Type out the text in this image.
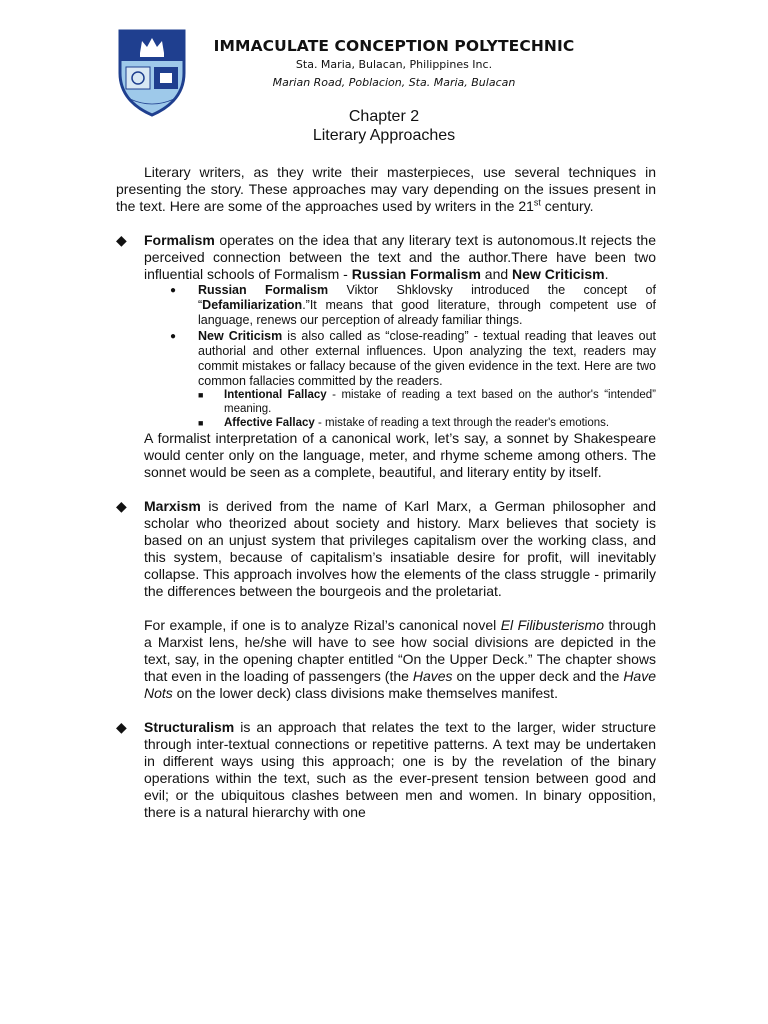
IMMACULATE CONCEPTION POLYTECHNIC
Sta. Maria, Bulacan, Philippines Inc.
Marian Road, Poblacion, Sta. Maria, Bulacan
Chapter 2
Literary Approaches

Literary writers, as they write their masterpieces, use several techniques in presenting the story. These approaches may vary depending on the issues present in the text. Here are some of the approaches used by writers in the 21st century.

◆ Formalism operates on the idea that any literary text is autonomous.It rejects the perceived connection between the text and the author.There have been two influential schools of Formalism - Russian Formalism and New Criticism.

● Russian Formalism Viktor Shklovsky introduced the concept of “Defamiliarization.”It means that good literature, through competent use of language, renews our perception of already familiar things.

● New Criticism is also called as “close-reading” - textual reading that leaves out authorial and other external influences. Upon analyzing the text, readers may commit mistakes or fallacy because of the given evidence in the text. Here are two common fallacies committed by the readers.

■ Intentional Fallacy - mistake of reading a text based on the author's “intended” meaning.

■ Affective Fallacy - mistake of reading a text through the reader's emotions.

A formalist interpretation of a canonical work, let’s say, a sonnet by Shakespeare would center only on the language, meter, and rhyme scheme among others. The sonnet would be seen as a complete, beautiful, and literary entity by itself.

◆ Marxism is derived from the name of Karl Marx, a German philosopher and scholar who theorized about society and history. Marx believes that society is based on an unjust system that privileges capitalism over the working class, and this system, because of capitalism’s insatiable desire for profit, will inevitably collapse. This approach involves how the elements of the class struggle - primarily the differences between the bourgeois and the proletariat.

For example, if one is to analyze Rizal’s canonical novel El Filibusterismo through a Marxist lens, he/she will have to see how social divisions are depicted in the text, say, in the opening chapter entitled “On the Upper Deck.” The chapter shows that even in the loading of passengers (the Haves on the upper deck and the Have Nots on the lower deck) class divisions make themselves manifest.

◆ Structuralism is an approach that relates the text to the larger, wider structure through inter-textual connections or repetitive patterns. A text may be undertaken in different ways using this approach; one is by the revelation of the binary operations within the text, such as the ever-present tension between good and evil; or the ubiquitous clashes between men and women. In binary opposition, there is a natural hierarchy with one
